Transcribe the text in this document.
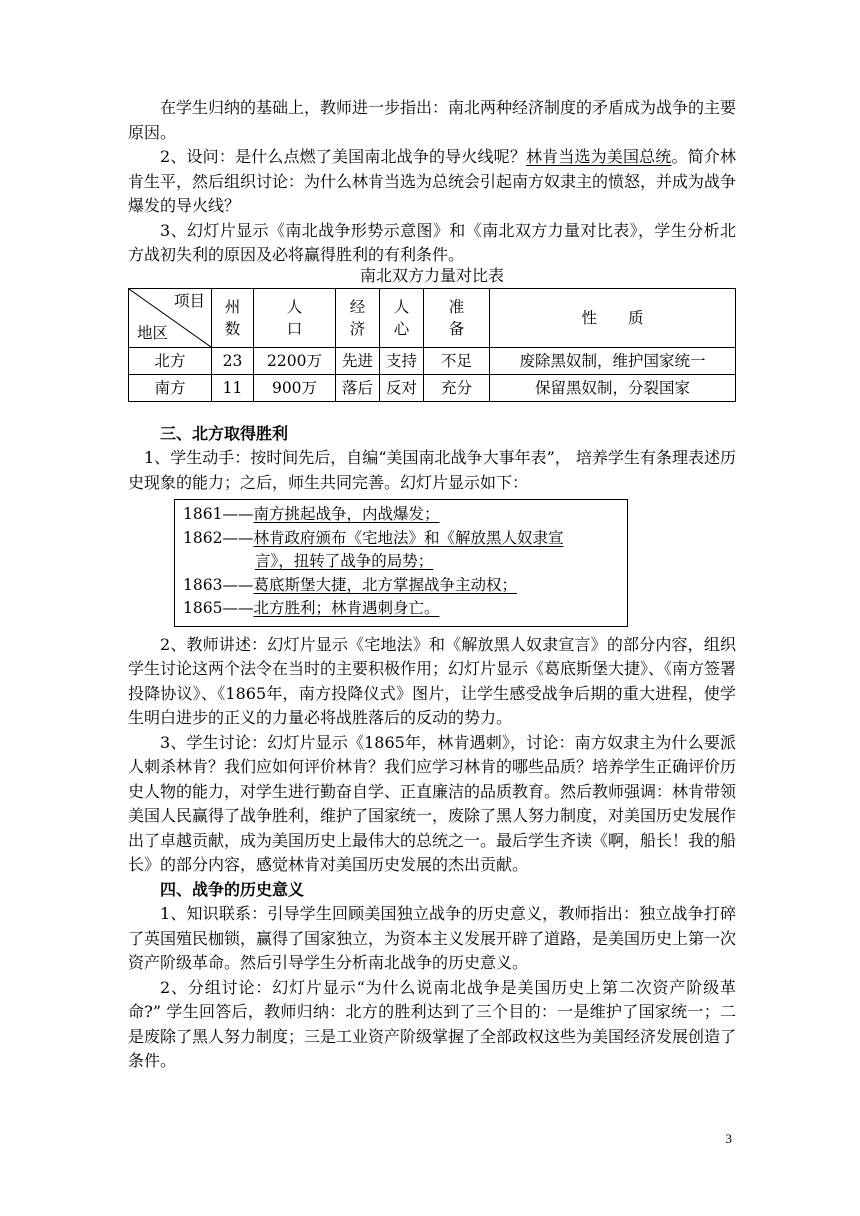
在学生归纳的基础上，教师进一步指出：南北两种经济制度的矛盾成为战争的主要原因。

2、设问：是什么点燃了美国南北战争的导火线呢？林肯当选为美国总统。简介林肯生平，然后组织讨论：为什么林肯当选为总统会引起南方奴隶主的愤怒，并成为战争爆发的导火线？

3、幻灯片显示《南北战争形势示意图》和《南北双方力量对比表》，学生分析北方战初失利的原因及必将赢得胜利的有利条件。

南北双方力量对比表

项目
地区	州数	人口	经济	人心	准备	性　　质
北方	23	2200万	先进	支持	不足	废除黑奴制，维护国家统一
南方	11	900万	落后	反对	充分	保留黑奴制，分裂国家

三、北方取得胜利

1、学生动手：按时间先后，自编“美国南北战争大事年表”， 培养学生有条理表述历史现象的能力；之后，师生共同完善。幻灯片显示如下：

1861——南方挑起战争，内战爆发；
1862——林肯政府颁布《宅地法》和《解放黑人奴隶宣
言》，扭转了战争的局势；
1863——葛底斯堡大捷，北方掌握战争主动权；
1865——北方胜利；林肯遇刺身亡。

2、教师讲述：幻灯片显示《宅地法》和《解放黑人奴隶宣言》的部分内容，组织学生讨论这两个法令在当时的主要积极作用；幻灯片显示《葛底斯堡大捷》、《南方签署投降协议》、《1865年，南方投降仪式》图片，让学生感受战争后期的重大进程，使学生明白进步的正义的力量必将战胜落后的反动的势力。

3、学生讨论：幻灯片显示《1865年，林肯遇刺》，讨论：南方奴隶主为什么要派人刺杀林肯？我们应如何评价林肯？我们应学习林肯的哪些品质？培养学生正确评价历史人物的能力，对学生进行勤奋自学、正直廉洁的品质教育。然后教师强调：林肯带领美国人民赢得了战争胜利，维护了国家统一，废除了黑人努力制度，对美国历史发展作出了卓越贡献，成为美国历史上最伟大的总统之一。最后学生齐读《啊，船长！我的船长》的部分内容，感觉林肯对美国历史发展的杰出贡献。

四、战争的历史意义

1、知识联系：引导学生回顾美国独立战争的历史意义，教师指出：独立战争打碎了英国殖民枷锁，赢得了国家独立，为资本主义发展开辟了道路，是美国历史上第一次资产阶级革命。然后引导学生分析南北战争的历史意义。

2、分组讨论：幻灯片显示“为什么说南北战争是美国历史上第二次资产阶级革命?” 学生回答后，教师归纳：北方的胜利达到了三个目的：一是维护了国家统一；二是废除了黑人努力制度；三是工业资产阶级掌握了全部政权这些为美国经济发展创造了条件。

3
